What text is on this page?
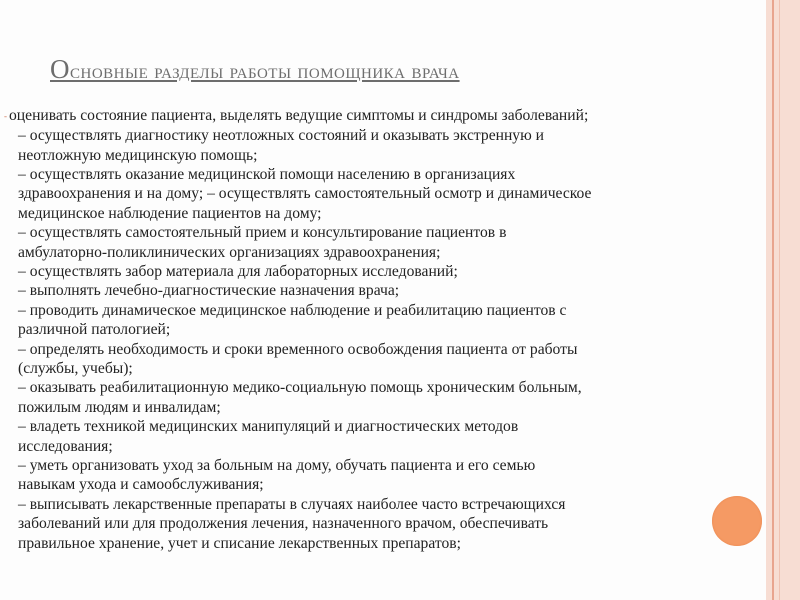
Основные разделы работы помощника врача
- оценивать состояние пациента, выделять ведущие симптомы и синдромы заболеваний;
– осуществлять диагностику неотложных состояний и оказывать экстренную и
неотложную медицинскую помощь;
– осуществлять оказание медицинской помощи населению в организациях
здравоохранения и на дому; – осуществлять самостоятельный осмотр и динамическое
медицинское наблюдение пациентов на дому;
– осуществлять самостоятельный прием и консультирование пациентов в
амбулаторно-поликлинических организациях здравоохранения;
– осуществлять забор материала для лабораторных исследований;
– выполнять лечебно-диагностические назначения врача;
– проводить динамическое медицинское наблюдение и реабилитацию пациентов с
различной патологией;
– определять необходимость и сроки временного освобождения пациента от работы
(службы, учебы);
– оказывать реабилитационную медико-социальную помощь хроническим больным,
пожилым людям и инвалидам;
– владеть техникой медицинских манипуляций и диагностических методов
исследования;
– уметь организовать уход за больным на дому, обучать пациента и его семью
навыкам ухода и самообслуживания;
– выписывать лекарственные препараты в случаях наиболее часто встречающихся
заболеваний или для продолжения лечения, назначенного врачом, обеспечивать
правильное хранение, учет и списание лекарственных препаратов;
